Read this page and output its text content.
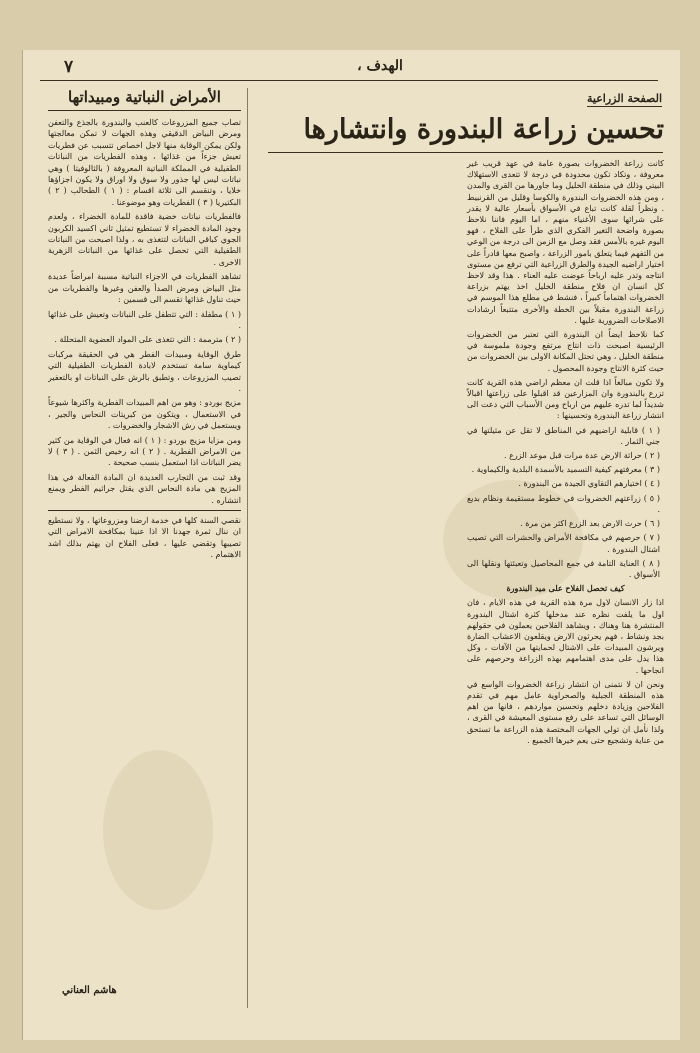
٧	الهدف ،
الصفحة الزراعية
تحسين زراعة البندورة وانتشارها

كانت زراعة الخضروات بصورة عامة في عهد قريب غير معروفة ، وتكاد تكون محدودة في درجة لا تتعدى الاستهلاك البيتي وذلك في منطقة الخليل وما جاورها من القرى والمدن ، ومن هذه الخضروات البندورة والكوسا وقليل من القرنبيط . ونظراً لقلة كانت تباع في الأسواق بأسعار عالية لا يقدر على شرائها سوى الأغنياء منهم ، اما اليوم فاننا نلاحظ بصورة واضحة التغير الفكري الذي طرأ على الفلاح ، فهو اليوم غيره بالأمس فقد وصل مع الزمن الى درجة من الوعي من التفهم فيما يتعلق بامور الزراعة ، واصبح معها قادراً على اختيار اراضيه الجيدة والطرق الزراعية التي ترفع من مستوى انتاجه وتدر عليه ارباحاً عوضت عليه العناء . هذا وقد لاحظ كل انسان ان فلاح منطقة الخليل اخذ يهتم بزراعة الخضروات اهتماماً كبيراً ، فنشط في مطلع هذا الموسم في زراعة البندورة مقبلاً بين الخطة والأخرى متتبعاً ارشادات الاصلاحات الضرورية عليها .

كما نلاحظ ايضاً ان البندورة التي تعتبر من الخضروات الرئيسية اصبحت ذات انتاج مرتفع وجودة ملموسة في منطقة الخليل ، وهي تحتل المكانة الاولى بين الخضروات من حيث كثرة الانتاج وجودة المحصول .

ولا تكون مبالغاً اذا قلت ان معظم اراضي هذه القرية كانت تزرع بالبندورة وان المزارعين قد اقبلوا على زراعتها اقبالاً شديداً لما تدره عليهم من ارباح ومن الأسباب التي دعت الى انتشار زراعة البندورة وتحسينها :

( ١ ) قابلية اراضيهم في المناطق لا تقل عن مثيلتها في جني الثمار .

( ٢ ) حراثة الارض عدة مرات قبل موعد الزرع .

( ٣ ) معرفتهم كيفية التسميد بالأسمدة البلدية والكيماوية .

( ٤ ) اختيارهم التقاوي الجيدة من البندورة .

( ٥ ) زراعتهم الخضروات في خطوط مستقيمة ونظام بديع .

( ٦ ) حرث الارض بعد الزرع اكثر من مرة .

( ٧ ) حرصهم في مكافحة الأمراض والحشرات التي تصيب اشتال البندورة .

( ٨ ) العناية التامة في جمع المحاصيل وتعبئتها ونقلها الى الأسواق .

كيف تحصل الفلاح على ميد البندورة

اذا زار الانسان لاول مرة هذه القرية في هذه الايام ، فان اول ما يلفت نظره عند مدخلها كثرة اشتال البندورة المنتشرة هنا وهناك ، ويشاهد الفلاحين يعملون في حقولهم بجد ونشاط ، فهم يحرثون الارض ويقلعون الاعشاب الضارة ويرشون المبيدات على الاشتال لحمايتها من الآفات ، وكل هذا يدل على مدى اهتمامهم بهذه الزراعة وحرصهم على انجاحها .

ونحن ان لا نتمنى ان انتشار زراعة الخضروات الواسع في هذه المنطقة الجبلية والصحراوية عامل مهم في تقدم الفلاحين وزيادة دخلهم وتحسين مواردهم ، فانها من اهم الوسائل التي تساعد على رفع مستوى المعيشة في القرى ، ولذا نأمل ان تولي الجهات المختصة هذه الزراعة ما تستحق من عناية وتشجيع حتى يعم خيرها الجميع .

الأمراض النباتية ومبيداتها

تصاب جميع المزروعات كالعنب والبندورة بالجذع والتعفن ومرض البياض الدقيقي وهذه الجهات لا تمكن معالجتها ولكن يمكن الوقاية منها لاجل اخصاص تتسبب عن فطريات تعيش جزءاً من غذائها ، وهذه الفطريات من النباتات الطفيلية في المملكة النباتية المعروفة ( بالثالوفيتا ) وهي نباتات ليس لها جذور ولا سوق ولا اوراق ولا يكون اجزاؤها خلايا ، وتنقسم الى ثلاثة اقسام : ( ١ ) الطحالب ( ٢ ) البكتيريا ( ٣ ) الفطريات وهو موضوعنا .

فالفطريات نباتات خضية فاقدة للمادة الخضراء ، ولعدم وجود المادة الخضراء لا تستطيع تمثيل ثاني اكسيد الكربون الجوي كباقي النباتات لتتغذى به ، ولذا اصبحت من النباتات الطفيلية التي تحصل على غذائها من النباتات الزهرية الاخرى .

تشاهد الفطريات في الاجزاء النباتية مسببة امراضاً عديدة مثل البياض ومرض الصدأ والعفن وغيرها والفطريات من حيث تناول غذائها تقسم الى قسمين :

( ١ ) مطفلة : التي تتطفل على النباتات وتعيش على غذائها .

( ٢ ) مترممة : التي تتغذى على المواد العضوية المتحللة .

طرق الوقاية ومبيدات الفطر هي في الحقيقة مركبات كيماوية سامة تستخدم لابادة الفطريات الطفيلية التي تصيب المزروعات ، وتطبق بالرش على النباتات او بالتعفير .

مزيج بوردو : وهو من اهم المبيدات الفطرية واكثرها شيوعاً في الاستعمال ، ويتكون من كبريتات النحاس والجير ، ويستعمل في رش الاشجار والخضروات .

ومن مزايا مزيج بوردو : ( ١ ) انه فعال في الوقاية من كثير من الامراض الفطرية . ( ٢ ) انه رخيص الثمن . ( ٣ ) لا يضر النباتات اذا استعمل بنسب صحيحة .

وقد ثبت من التجارب العديدة ان المادة الفعالة في هذا المزيج هي مادة النحاس الذي يقتل جراثيم الفطر ويمنع انتشاره .

نقصي السنة كلها في خدمة ارضنا ومزروعاتها ، ولا نستطيع ان ننال ثمرة جهدنا الا اذا عنينا بمكافحة الامراض التي تصيبها وتقضي عليها ، فعلى الفلاح ان يهتم بذلك اشد الاهتمام .

هاشم العناني
